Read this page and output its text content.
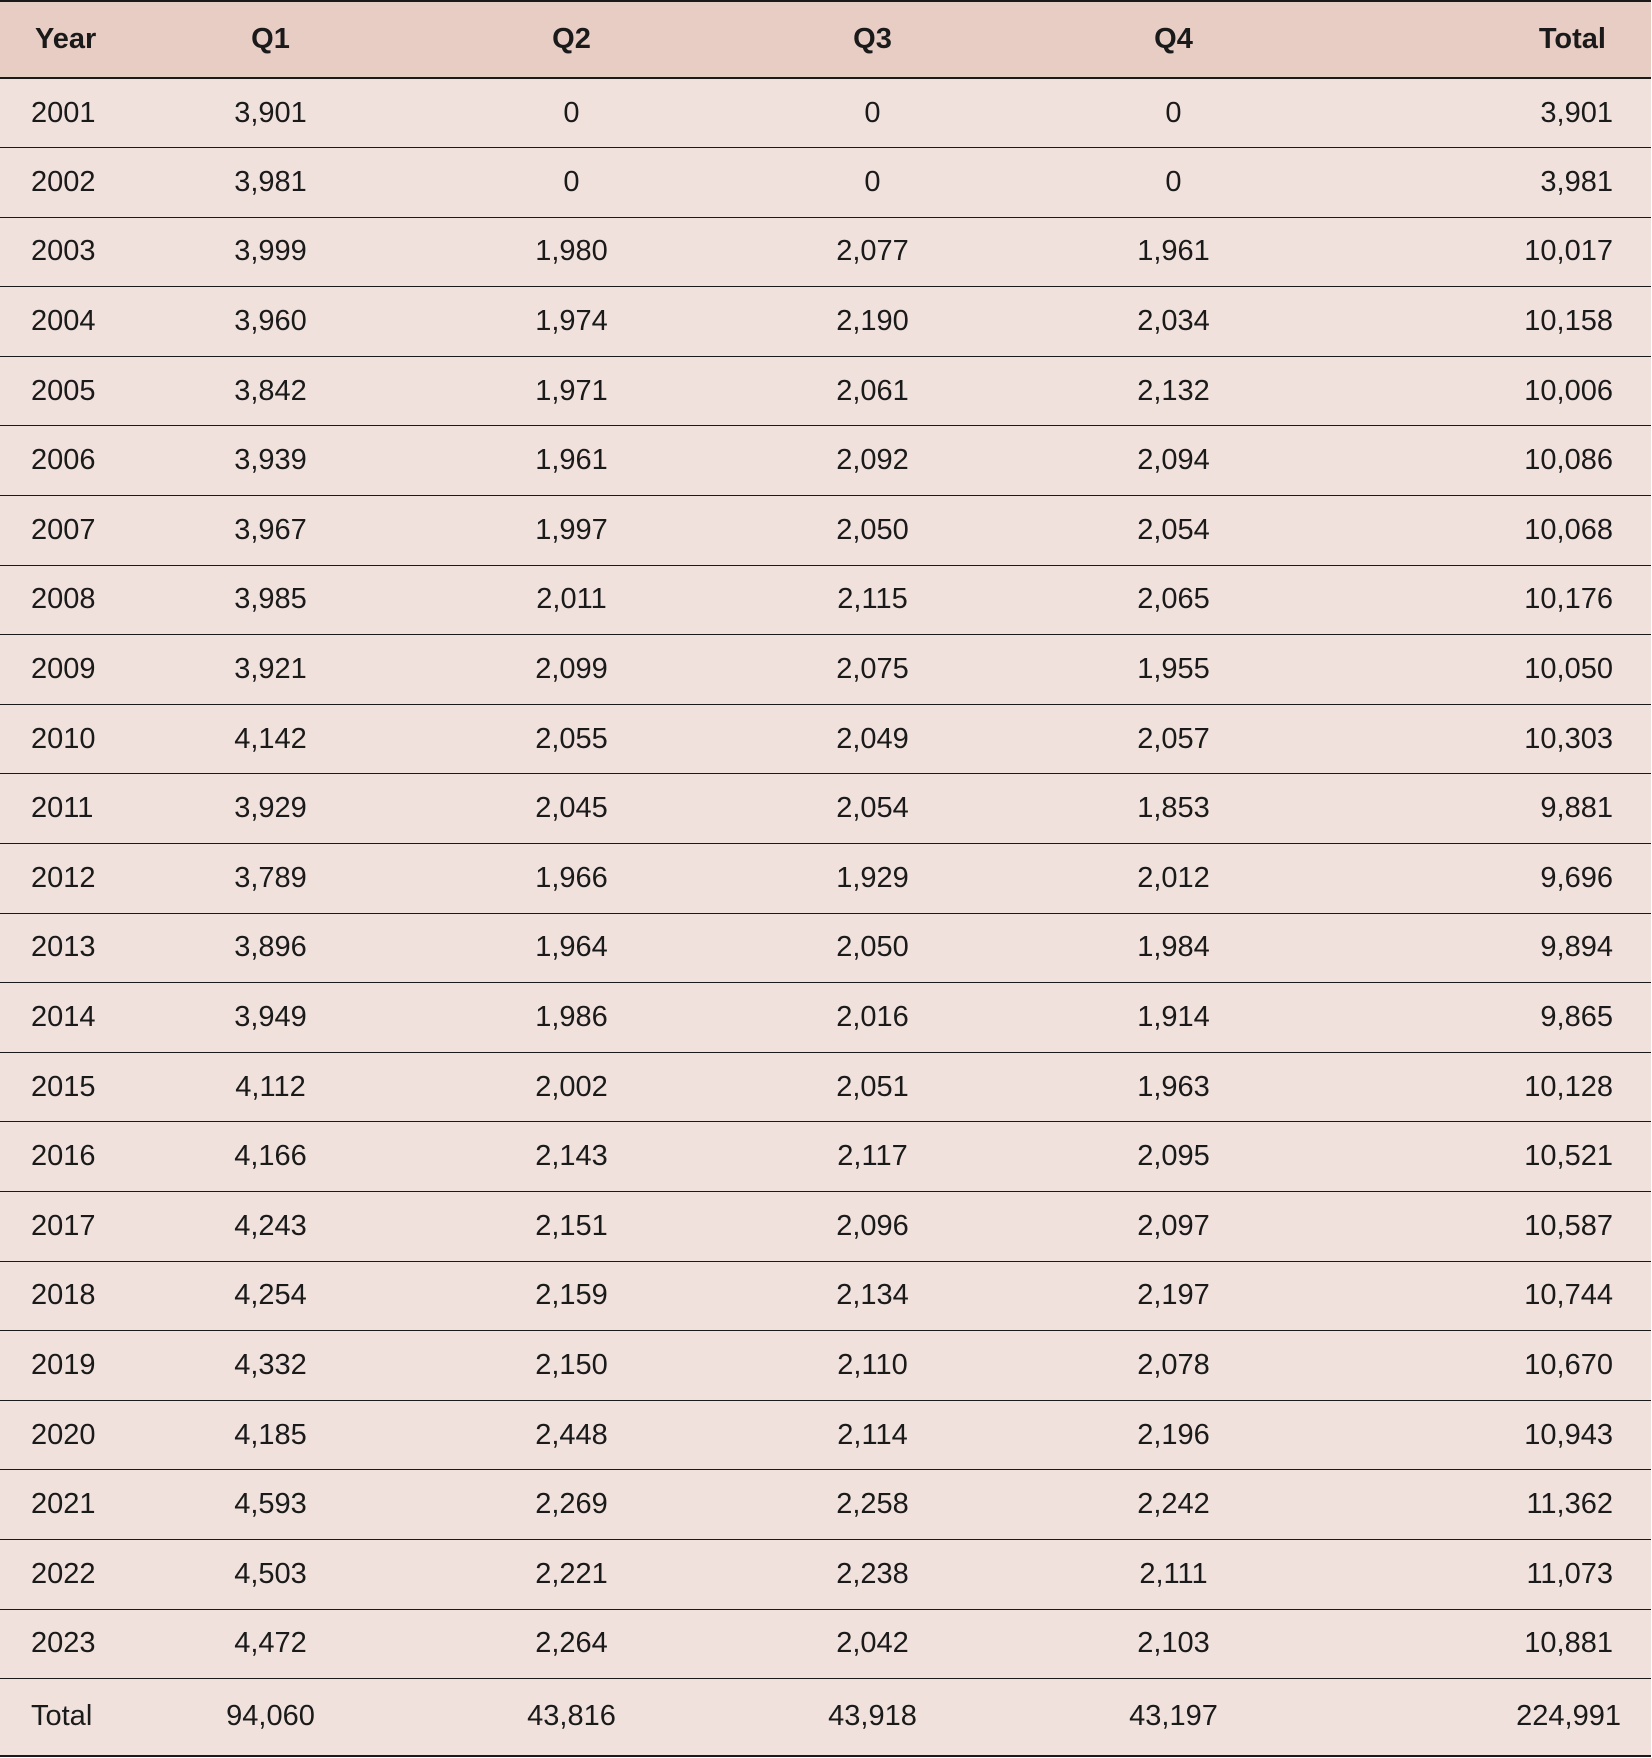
Year	Q1	Q2	Q3	Q4	Total
2001	3,901	0	0	0	3,901
2002	3,981	0	0	0	3,981
2003	3,999	1,980	2,077	1,961	10,017
2004	3,960	1,974	2,190	2,034	10,158
2005	3,842	1,971	2,061	2,132	10,006
2006	3,939	1,961	2,092	2,094	10,086
2007	3,967	1,997	2,050	2,054	10,068
2008	3,985	2,011	2,115	2,065	10,176
2009	3,921	2,099	2,075	1,955	10,050
2010	4,142	2,055	2,049	2,057	10,303
2011	3,929	2,045	2,054	1,853	9,881
2012	3,789	1,966	1,929	2,012	9,696
2013	3,896	1,964	2,050	1,984	9,894
2014	3,949	1,986	2,016	1,914	9,865
2015	4,112	2,002	2,051	1,963	10,128
2016	4,166	2,143	2,117	2,095	10,521
2017	4,243	2,151	2,096	2,097	10,587
2018	4,254	2,159	2,134	2,197	10,744
2019	4,332	2,150	2,110	2,078	10,670
2020	4,185	2,448	2,114	2,196	10,943
2021	4,593	2,269	2,258	2,242	11,362
2022	4,503	2,221	2,238	2,111	11,073
2023	4,472	2,264	2,042	2,103	10,881
Total	94,060	43,816	43,918	43,197	224,991
